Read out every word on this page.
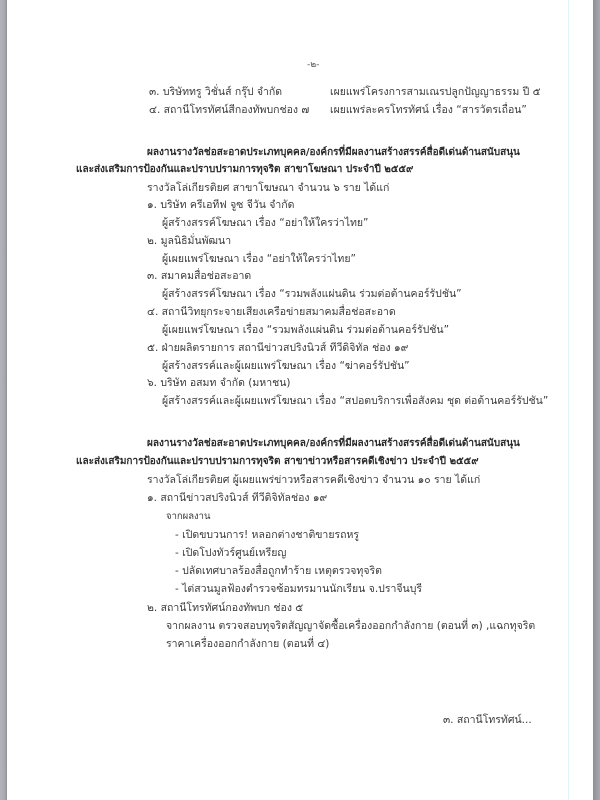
-๒-
๓. บริษัททรู วิชั่นส์ กรุ๊ป จำกัด	เผยแพร่โครงการสามเณรปลูกปัญญาธรรม ปี ๕
๔. สถานีโทรทัศน์สีกองทัพบกช่อง ๗ เผยแพร่ละครโทรทัศน์ เรื่อง “สารวัตรเถื่อน”
ผลงานรางวัลช่อสะอาดประเภทบุคคล/องค์กรที่มีผลงานสร้างสรรค์สื่อดีเด่นด้านสนับสนุน
และส่งเสริมการป้องกันและปราบปรามการทุจริต สาขาโฆษณา ประจำปี ๒๕๕๙
รางวัลโล่เกียรติยศ สาขาโฆษณา จำนวน ๖ ราย ได้แก่
๑. บริษัท ครีเอทีฟ จูซ จีวัน จำกัด
ผู้สร้างสรรค์โฆษณา เรื่อง “อย่าให้ใครว่าไทย”
๒. มูลนิธิมั่นพัฒนา
ผู้เผยแพร่โฆษณา เรื่อง “อย่าให้ใครว่าไทย”
๓. สมาคมสื่อช่อสะอาด
ผู้สร้างสรรค์โฆษณา เรื่อง “รวมพลังแผ่นดิน ร่วมต่อต้านคอร์รัปชัน”
๔. สถานีวิทยุกระจายเสียงเครือข่ายสมาคมสื่อช่อสะอาด
ผู้เผยแพร่โฆษณา เรื่อง “รวมพลังแผ่นดิน ร่วมต่อต้านคอร์รัปชัน”
๕. ฝ่ายผลิตรายการ สถานีข่าวสปริงนิวส์ ทีวีดิจิทัล ช่อง ๑๙
ผู้สร้างสรรค์และผู้เผยแพร่โฆษณา เรื่อง “ฆ่าคอร์รัปชัน”
๖. บริษัท อสมท จำกัด (มหาชน)
ผู้สร้างสรรค์และผู้เผยแพร่โฆษณา เรื่อง “สปอตบริการเพื่อสังคม ชุด ต่อต้านคอร์รัปชัน”
ผลงานรางวัลช่อสะอาดประเภทบุคคล/องค์กรที่มีผลงานสร้างสรรค์สื่อดีเด่นด้านสนับสนุน
และส่งเสริมการป้องกันและปราบปรามการทุจริต สาขาข่าวหรือสารคดีเชิงข่าว ประจำปี ๒๕๕๙
รางวัลโล่เกียรติยศ ผู้เผยแพร่ข่าวหรือสารคดีเชิงข่าว จำนวน ๑๐ ราย ได้แก่
๑. สถานีข่าวสปริงนิวส์ ทีวีดิจิทัลช่อง ๑๙
จากผลงาน
- เปิดขบวนการ! หลอกต่างชาติขายรถหรู
- เปิดโปงทัวร์ศูนย์เหรียญ
- ปลัดเทศบาลร้องสื่อถูกทำร้าย เหตุตรวจทุจริต
- ไต่สวนมูลฟ้องตำรวจซ้อมทรมานนักเรียน จ.ปราจีนบุรี
๒. สถานีโทรทัศน์กองทัพบก ช่อง ๕
จากผลงาน ตรวจสอบทุจริตสัญญาจัดซื้อเครื่องออกกำลังกาย (ตอนที่ ๓) ,แฉกทุจริต
ราคาเครื่องออกกำลังกาย (ตอนที่ ๔)
๓. สถานีโทรทัศน์...
